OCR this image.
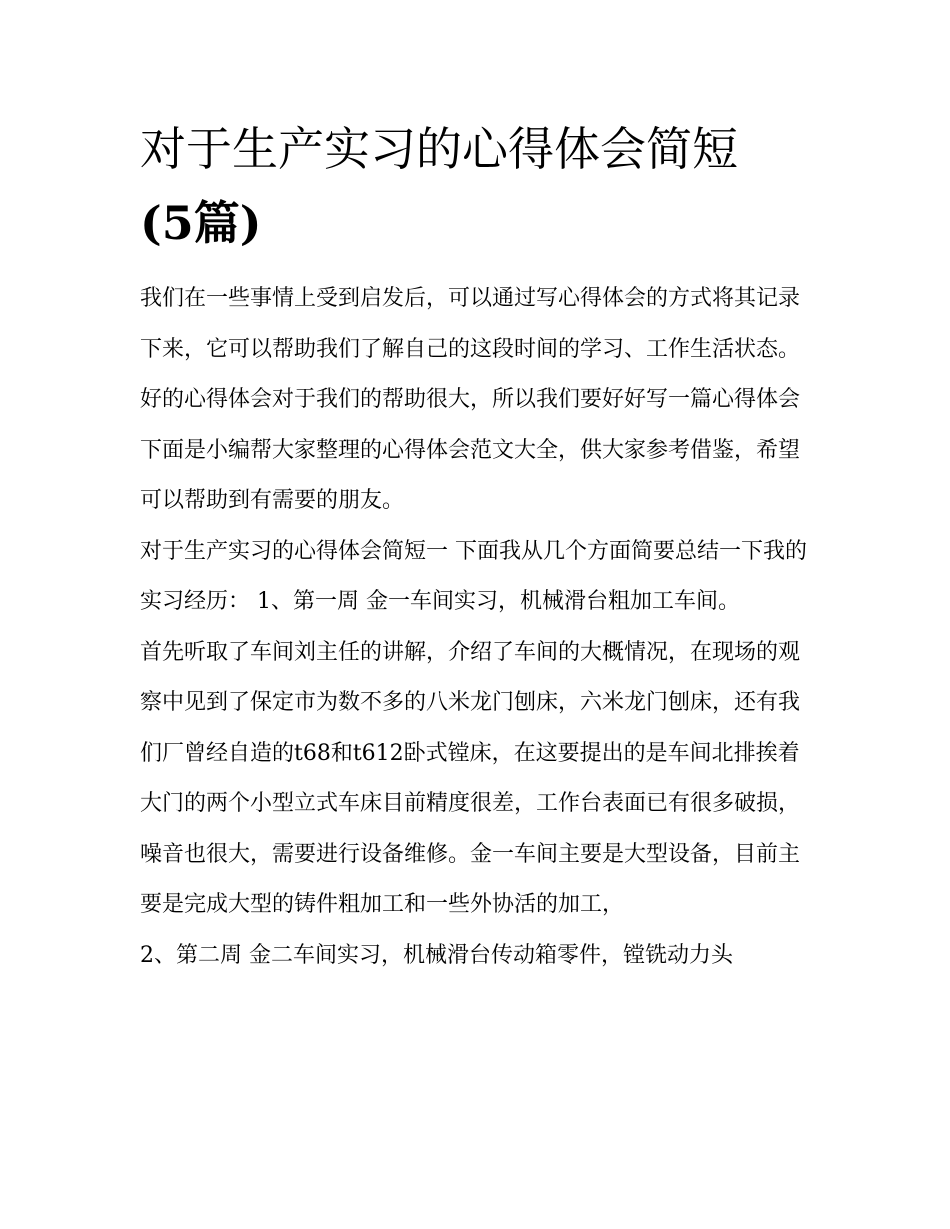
对于生产实习的心得体会简短
(5篇)

我们在一些事情上受到启发后，可以通过写心得体会的方式将其记录下来，它可以帮助我们了解自己的这段时间的学习、工作生活状态。好的心得体会对于我们的帮助很大，所以我们要好好写一篇心得体会下面是小编帮大家整理的心得体会范文大全，供大家参考借鉴，希望可以帮助到有需要的朋友。

对于生产实习的心得体会简短一 下面我从几个方面简要总结一下我的实习经历： 1、第一周 金一车间实习，机械滑台粗加工车间。

首先听取了车间刘主任的讲解，介绍了车间的大概情况，在现场的观察中见到了保定市为数不多的八米龙门刨床，六米龙门刨床，还有我们厂曾经自造的t68和t612卧式镗床，在这要提出的是车间北排挨着大门的两个小型立式车床目前精度很差，工作台表面已有很多破损，噪音也很大，需要进行设备维修。金一车间主要是大型设备，目前主要是完成大型的铸件粗加工和一些外协活的加工，

2、第二周 金二车间实习，机械滑台传动箱零件，镗铣动力头
